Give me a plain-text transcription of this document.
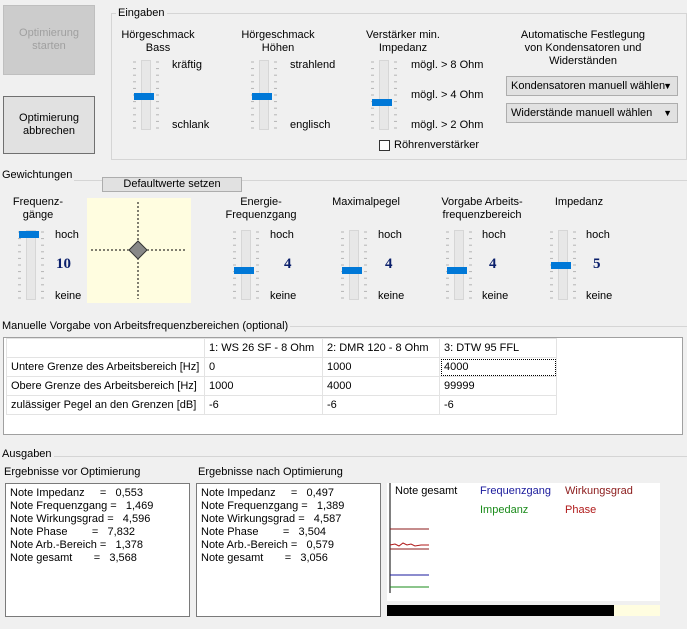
Optimierung
starten
Optimierung
abbrechen
Eingaben
Hörgeschmack
Bass
kräftig
schlank
Hörgeschmack
Höhen
strahlend
englisch
Verstärker min.
Impedanz
mögl. > 8 Ohm
mögl. > 4 Ohm
mögl. > 2 Ohm
Röhrenverstärker
Automatische Festlegung
von Kondensatoren und
Widerständen
Kondensatoren manuell wählen
▼
Widerstände manuell wählen ▼
Gewichtungen
Defaultwerte setzen
Frequenz-
gänge
hoch
10
keine
Energie-
Frequenzgang
hoch
4
keine
Maximalpegel
hoch
4
keine
Vorgabe Arbeits-
frequenzbereich
hoch
4
keine
Impedanz
hoch
5
keine
Manuelle Vorgabe von Arbeitsfrequenzbereichen (optional)
	1: WS 26 SF - 8 Ohm	2: DMR 120 - 8 Ohm	3: DTW 95 FFL
Untere Grenze des Arbeitsbereich [Hz]	0	1000	4000
Obere Grenze des Arbeitsbereich [Hz]	1000	4000	99999
zulässiger Pegel an den Grenzen [dB]	-6	-6	-6
Ausgaben
Ergebnisse vor Optimierung	Ergebnisse nach Optimierung
Note Impedanz     =   0,553
Note Frequenzgang =   1,469
Note Wirkungsgrad =   4,596
Note Phase        =   7,832
Note Arb.-Bereich =   1,378
Note gesamt       =   3,568
Note Impedanz     =   0,497
Note Frequenzgang =   1,389
Note Wirkungsgrad =   4,587
Note Phase        =   3,504
Note Arb.-Bereich =   0,579
Note gesamt       =   3,056
Note gesamt Frequenzgang Wirkungsgrad
Impedanz	Phase
